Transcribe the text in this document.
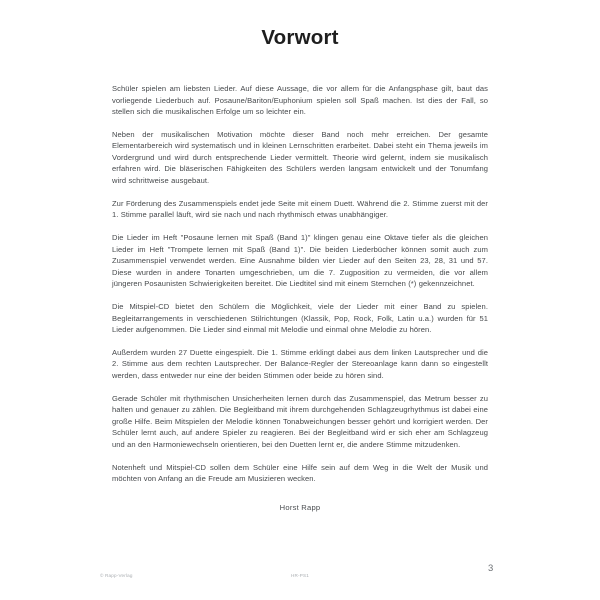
Vorwort

Schüler spielen am liebsten Lieder. Auf diese Aussage, die vor allem für die Anfangsphase gilt, baut das vorliegende Liederbuch auf. Posaune/Bariton/Euphonium spielen soll Spaß machen. Ist dies der Fall, so stellen sich die musikalischen Erfolge um so leichter ein.

Neben der musikalischen Motivation möchte dieser Band noch mehr erreichen. Der gesamte Elementarbereich wird systematisch und in kleinen Lernschritten erarbeitet. Dabei steht ein Thema jeweils im Vordergrund und wird durch entsprechende Lieder vermittelt. Theorie wird gelernt, indem sie musikalisch erfahren wird. Die bläserischen Fähigkeiten des Schülers werden langsam entwickelt und der Tonumfang wird schrittweise ausgebaut.

Zur Förderung des Zusammenspiels endet jede Seite mit einem Duett. Während die 2. Stimme zuerst mit der 1. Stimme parallel läuft, wird sie nach und nach rhythmisch etwas unabhängiger.

Die Lieder im Heft "Posaune lernen mit Spaß (Band 1)" klingen genau eine Oktave tiefer als die gleichen Lieder im Heft "Trompete lernen mit Spaß (Band 1)". Die beiden Liederbücher können somit auch zum Zusammenspiel verwendet werden. Eine Ausnahme bilden vier Lieder auf den Seiten 23, 28, 31 und 57. Diese wurden in andere Tonarten umgeschrieben, um die 7. Zugposition zu vermeiden, die vor allem jüngeren Posaunisten Schwierigkeiten bereitet. Die Liedtitel sind mit einem Sternchen (*) gekennzeichnet.

Die Mitspiel-CD bietet den Schülern die Möglichkeit, viele der Lieder mit einer Band zu spielen. Begleitarrangements in verschiedenen Stilrichtungen (Klassik, Pop, Rock, Folk, Latin u.a.) wurden für 51 Lieder aufgenommen. Die Lieder sind einmal mit Melodie und einmal ohne Melodie zu hören.

Außerdem wurden 27 Duette eingespielt. Die 1. Stimme erklingt dabei aus dem linken Lautsprecher und die 2. Stimme aus dem rechten Lautsprecher. Der Balance-Regler der Stereoanlage kann dann so eingestellt werden, dass entweder nur eine der beiden Stimmen oder beide zu hören sind.

Gerade Schüler mit rhythmischen Unsicherheiten lernen durch das Zusammenspiel, das Metrum besser zu halten und genauer zu zählen. Die Begleitband mit ihrem durchgehenden Schlagzeugrhythmus ist dabei eine große Hilfe. Beim Mitspielen der Melodie können Tonabweichungen besser gehört und korrigiert werden. Der Schüler lernt auch, auf andere Spieler zu reagieren. Bei der Begleitband wird er sich eher am Schlagzeug und an den Harmoniewechseln orientieren, bei den Duetten lernt er, die andere Stimme mitzudenken.

Notenheft und Mitspiel-CD sollen dem Schüler eine Hilfe sein auf dem Weg in die Welt der Musik und möchten von Anfang an die Freude am Musizieren wecken.

Horst Rapp
© Rapp-Verlag	HR-PS1
3
